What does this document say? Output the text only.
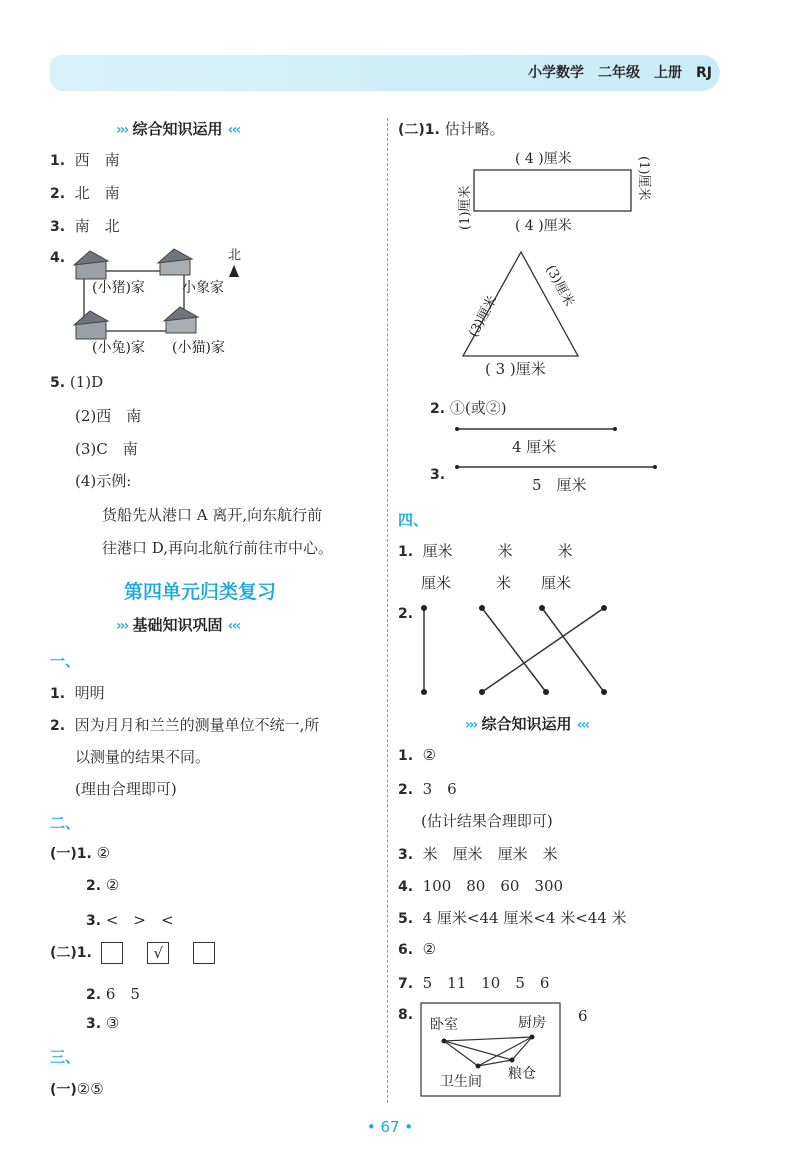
小学数学　二年级　上册　RJ
››› 综合知识运用 ‹‹‹
1. 西　南
2. 北　南
3. 南　北
4.	北
(小猪)家	小象家
(小兔)家 (小猫)家
5. (1)D
(2)西　南
(3)C　南
(4)示例:
货船先从港口 A 离开,向东航行前
往港口 D,再向北航行前往市中心。
第四单元归类复习
››› 基础知识巩固 ‹‹‹
一、
1. 明明
2. 因为月月和兰兰的测量单位不统一,所
以测量的结果不同。
(理由合理即可)
二、
(一)1. ②
2. ②
3. <　>　<
(二)1.	√
2. 6　5
3. ③
三、
(一)②⑤
(二)1. 估计略。
( 4 )厘米
( 4 )厘米
(1)厘米
(1)厘米
(3)厘米
(3)厘米
( 3 )厘米
2. ①(或②)
4 厘米
3.
5　厘米
四、
1. 厘米　　　米　　　米
厘米　　　米　　厘米
2.
››› 综合知识运用 ‹‹‹
1. ②
2. 3　6
(估计结果合理即可)
3. 米　厘米　厘米　米
4. 100　80　60　300
5. 4 厘米<44 厘米<4 米<44 米
6. ②
7. 5　11　10　5　6
8.
卧室	厨房
卫生间 粮仓
6
• 67 •
